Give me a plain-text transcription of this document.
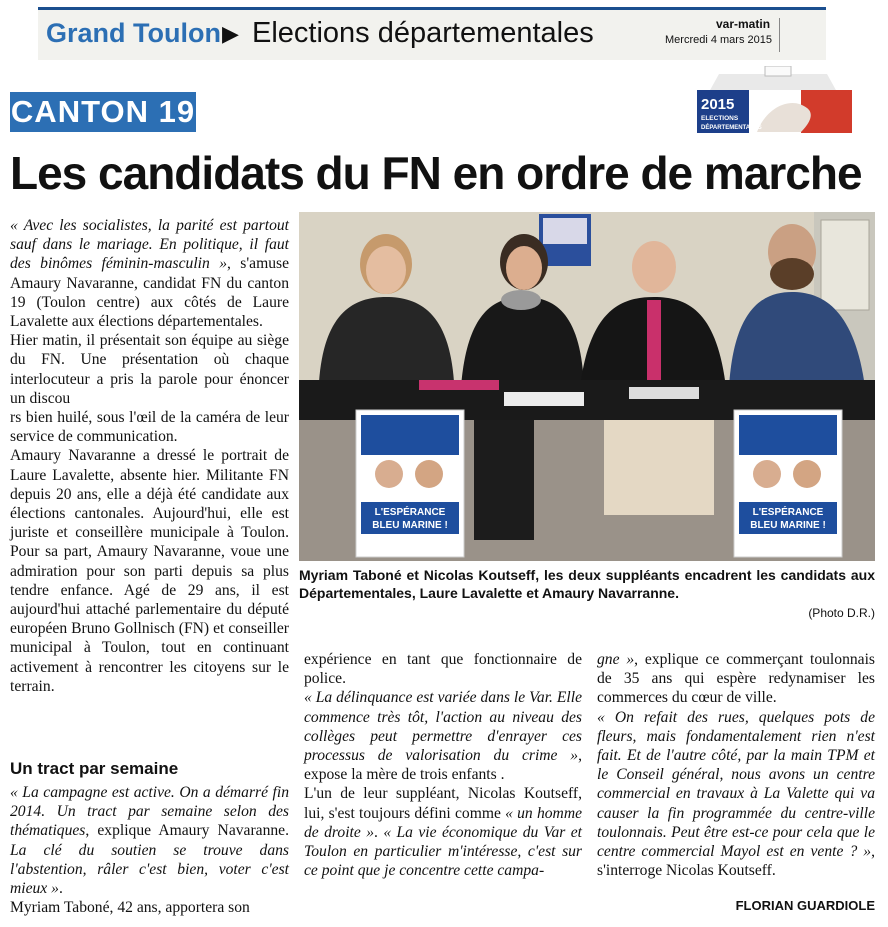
Grand Toulon ▶ Elections départementales	var-matin
Mercredi 4 mars 2015
CANTON 19	2015
ELECTIONS
DÉPARTEMENTALES
Les candidats du FN en ordre de marche

« Avec les socialistes, la parité est partout sauf dans le mariage. En politique, il faut des binômes féminin-masculin », s'amuse Amaury Navaranne, candidat FN du canton 19 (Toulon centre) aux côtés de Laure Lavalette aux élections départementales.

Hier matin, il présentait son équipe au siège du FN. Une présentation où chaque interlocuteur a pris la parole pour énoncer un discou

rs bien huilé, sous l'œil de la caméra de leur service de communication.

Amaury Navaranne a dressé le portrait de Laure Lavalette, absente hier. Militante FN depuis 20 ans, elle a déjà été candidate aux élections cantonales. Aujourd'hui, elle est juriste et conseillère municipale à Toulon. Pour sa part, Amaury Navaranne, voue une admiration pour son parti depuis sa plus tendre enfance. Agé de 29 ans, il est aujourd'hui attaché parlementaire du député européen Bruno Gollnisch (FN) et conseiller municipal à Toulon, tout en continuant activement à rencontrer les citoyens sur le terrain.

Un tract par semaine

« La campagne est active. On a démarré fin 2014. Un tract par semaine selon des thématiques, explique Amaury Navaranne. La clé du soutien se trouve dans l'abstention, râler c'est bien, voter c'est mieux ».

Myriam Taboné, 42 ans, apportera son

L'ESPÉRANCE
BLEU MARINE !
L'ESPÉRANCE
BLEU MARINE !
Myriam Taboné et Nicolas Koutseff, les deux suppléants encadrent les candidats aux Départementales, Laure Lavalette et Amaury Navarranne.
(Photo D.R.)

expérience en tant que fonctionnaire de police.

« La délinquance est variée dans le Var. Elle commence très tôt, l'action au niveau des collèges peut permettre d'enrayer ces processus de valorisation du crime », expose la mère de trois enfants .

L'un de leur suppléant, Nicolas Koutseff, lui, s'est toujours défini comme « un homme de droite ». « La vie économique du Var et Toulon en particulier m'intéresse, c'est sur ce point que je concentre cette campa-

gne », explique ce commerçant toulonnais de 35 ans qui espère redynamiser les commerces du cœur de ville.

« On refait des rues, quelques pots de fleurs, mais fondamentalement rien n'est fait. Et de l'autre côté, par la main TPM et le Conseil général, nous avons un centre commercial en travaux à La Valette qui va causer la fin programmée du centre-ville toulonnais. Peut être est-ce pour cela que le centre commercial Mayol est en vente ? », s'interroge Nicolas Koutseff.

FLORIAN GUARDIOLE
